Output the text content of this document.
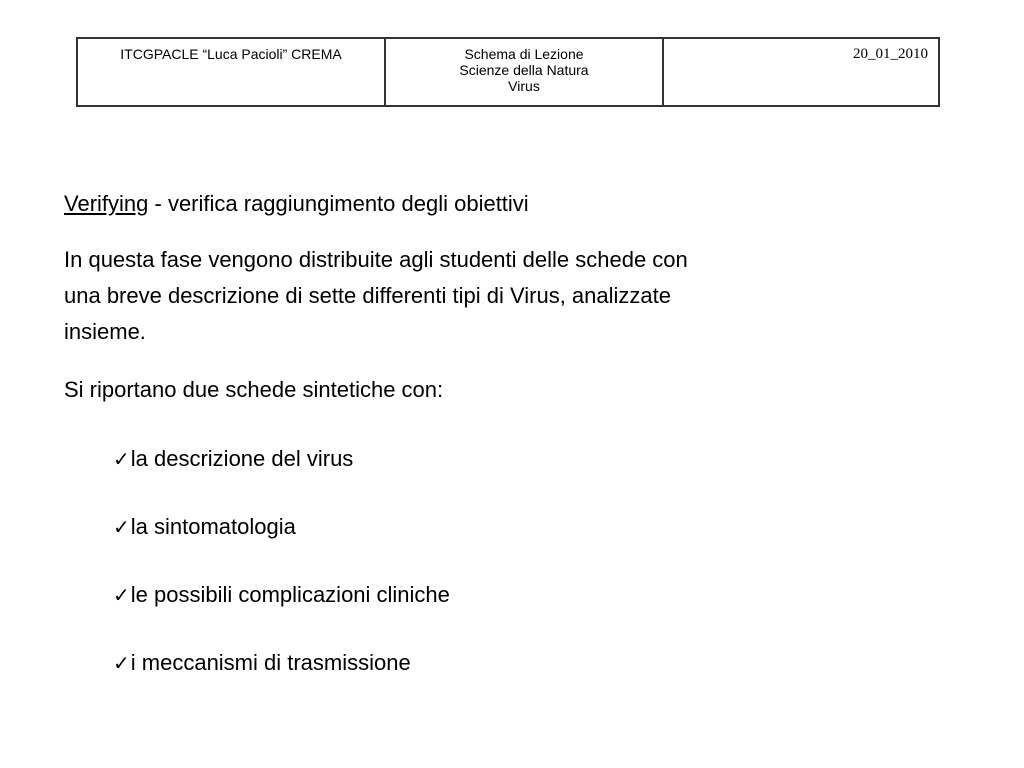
ITCGPACLE “Luca Pacioli” CREMA	Schema di Lezione
Scienze della Natura
Virus
20_01_2010
Verifying - verifica raggiungimento degli obiettivi
In questa fase vengono distribuite agli studenti delle schede con
una breve descrizione di sette differenti tipi di Virus, analizzate
insieme.
Si riportano due schede sintetiche con:
✓la descrizione del virus
✓la sintomatologia
✓le possibili complicazioni cliniche
✓i meccanismi di trasmissione
